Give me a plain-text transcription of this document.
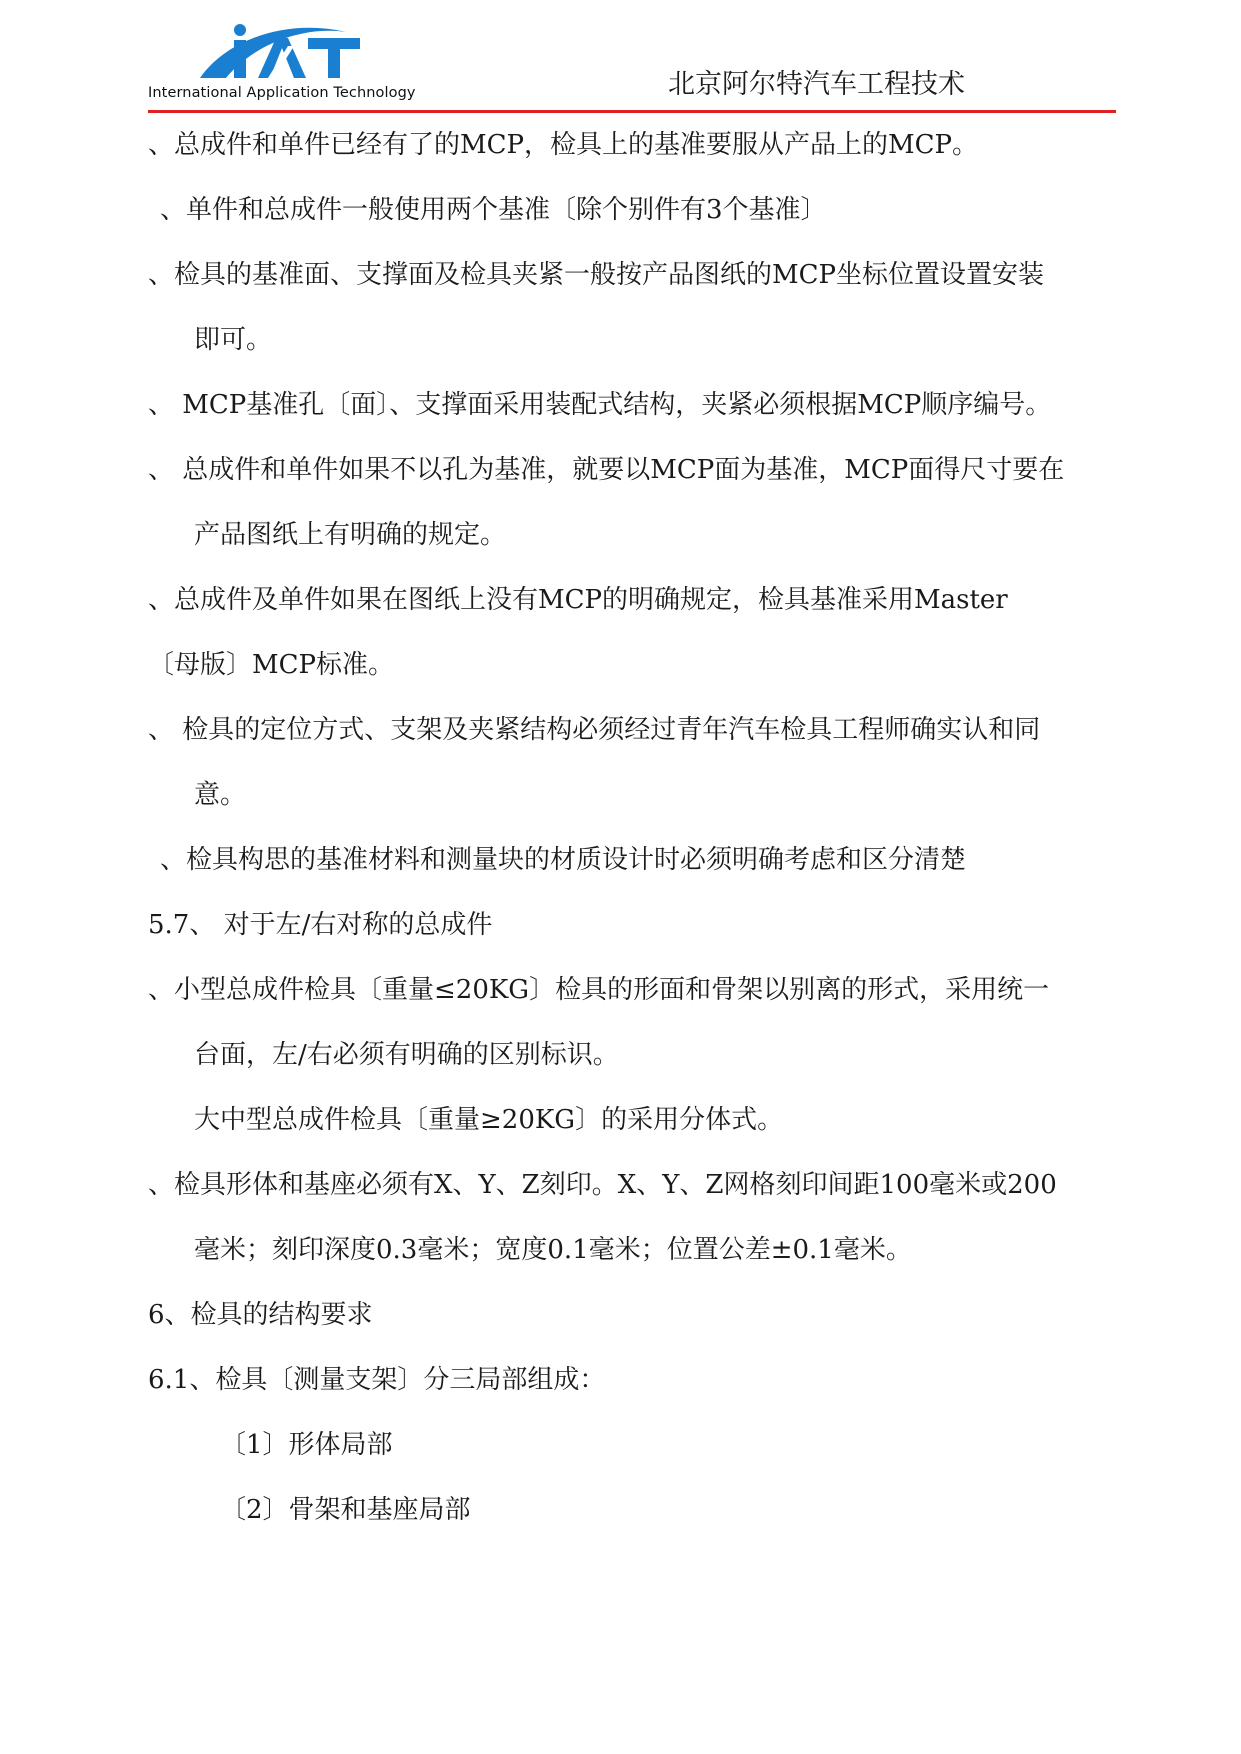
International Application Technology	北京阿尔特汽车工程技术
、总成件和单件已经有了的MCP，检具上的基准要服从产品上的MCP。
、单件和总成件一般使用两个基准〔除个别件有3个基准〕
、检具的基准面、支撑面及检具夹紧一般按产品图纸的MCP坐标位置设置安装
即可。
、 MCP基准孔〔面〕、支撑面采用装配式结构，夹紧必须根据MCP顺序编号。
、 总成件和单件如果不以孔为基准，就要以MCP面为基准，MCP面得尺寸要在
产品图纸上有明确的规定。
、总成件及单件如果在图纸上没有MCP的明确规定，检具基准采用Master
〔母版〕MCP标准。
、 检具的定位方式、支架及夹紧结构必须经过青年汽车检具工程师确实认和同
意。
、检具构思的基准材料和测量块的材质设计时必须明确考虑和区分清楚
5.7、 对于左/右对称的总成件
、小型总成件检具〔重量≤20KG〕检具的形面和骨架以别离的形式，采用统一
台面，左/右必须有明确的区别标识。
大中型总成件检具〔重量≥20KG〕的采用分体式。
、检具形体和基座必须有X、Y、Z刻印。X、Y、Z网格刻印间距100毫米或200
毫米；刻印深度0.3毫米；宽度0.1毫米；位置公差±0.1毫米。
6、检具的结构要求
6.1、检具〔测量支架〕分三局部组成：
〔1〕形体局部
〔2〕骨架和基座局部
